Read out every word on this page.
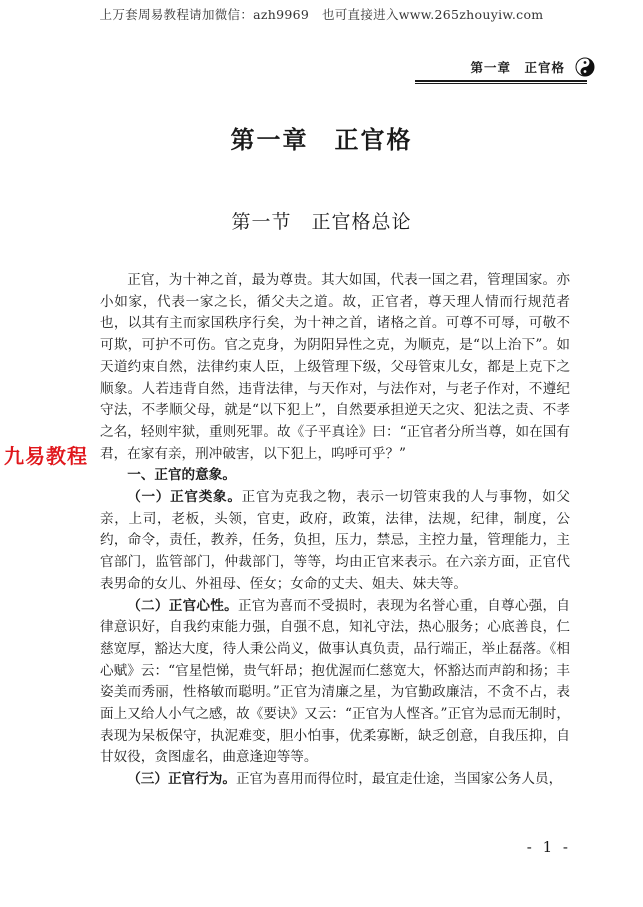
上万套周易教程请加微信：azh9969　也可直接进入www.265zhouyiw.com
第一章　正官格
第一章　正官格
第一节　正官格总论

正官，为十神之首，最为尊贵。其大如国，代表一国之君，管理国家。亦小如家，代表一家之长，循父夫之道。故，正官者，尊天理人情而行规范者也，以其有主而家国秩序行矣，为十神之首，诸格之首。可尊不可辱，可敬不可欺，可护不可伤。官之克身，为阴阳异性之克，为顺克，是“以上治下”。如天道约束自然，法律约束人臣，上级管理下级，父母管束儿女，都是上克下之顺象。人若违背自然，违背法律，与天作对，与法作对，与老子作对，不遵纪守法，不孝顺父母，就是“以下犯上”，自然要承担逆天之灾、犯法之责、不孝之名，轻则牢狱，重则死罪。故《子平真诠》曰：“正官者分所当尊，如在国有君，在家有亲，刑冲破害，以下犯上，呜呼可乎？”

一、正官的意象。

（一）正官类象。正官为克我之物，表示一切管束我的人与事物，如父亲，上司，老板，头领，官吏，政府，政策，法律，法规，纪律，制度，公约，命令，责任，教养，任务，负担，压力，禁忌，主控力量，管理能力，主官部门，监管部门，仲裁部门，等等，均由正官来表示。在六亲方面，正官代表男命的女儿、外祖母、侄女；女命的丈夫、姐夫、妹夫等。

（二）正官心性。正官为喜而不受损时，表现为名誉心重，自尊心强，自律意识好，自我约束能力强，自强不息，知礼守法，热心服务；心底善良，仁慈宽厚，豁达大度，待人秉公尚义，做事认真负责，品行端正，举止磊落。《相心赋》云：“官星恺悌，贵气轩昂；抱优渥而仁慈宽大，怀豁达而声韵和扬；丰姿美而秀丽，性格敏而聪明。”正官为清廉之星，为官勤政廉洁，不贪不占，表面上又给人小气之感，故《要诀》又云：“正官为人悭吝。”正官为忌而无制时，表现为呆板保守，执泥难变，胆小怕事，优柔寡断，缺乏创意，自我压抑，自甘奴役，贪图虚名，曲意逢迎等等。

（三）正官行为。正官为喜用而得位时，最宜走仕途，当国家公务人员，

九易教程
- 1 -
